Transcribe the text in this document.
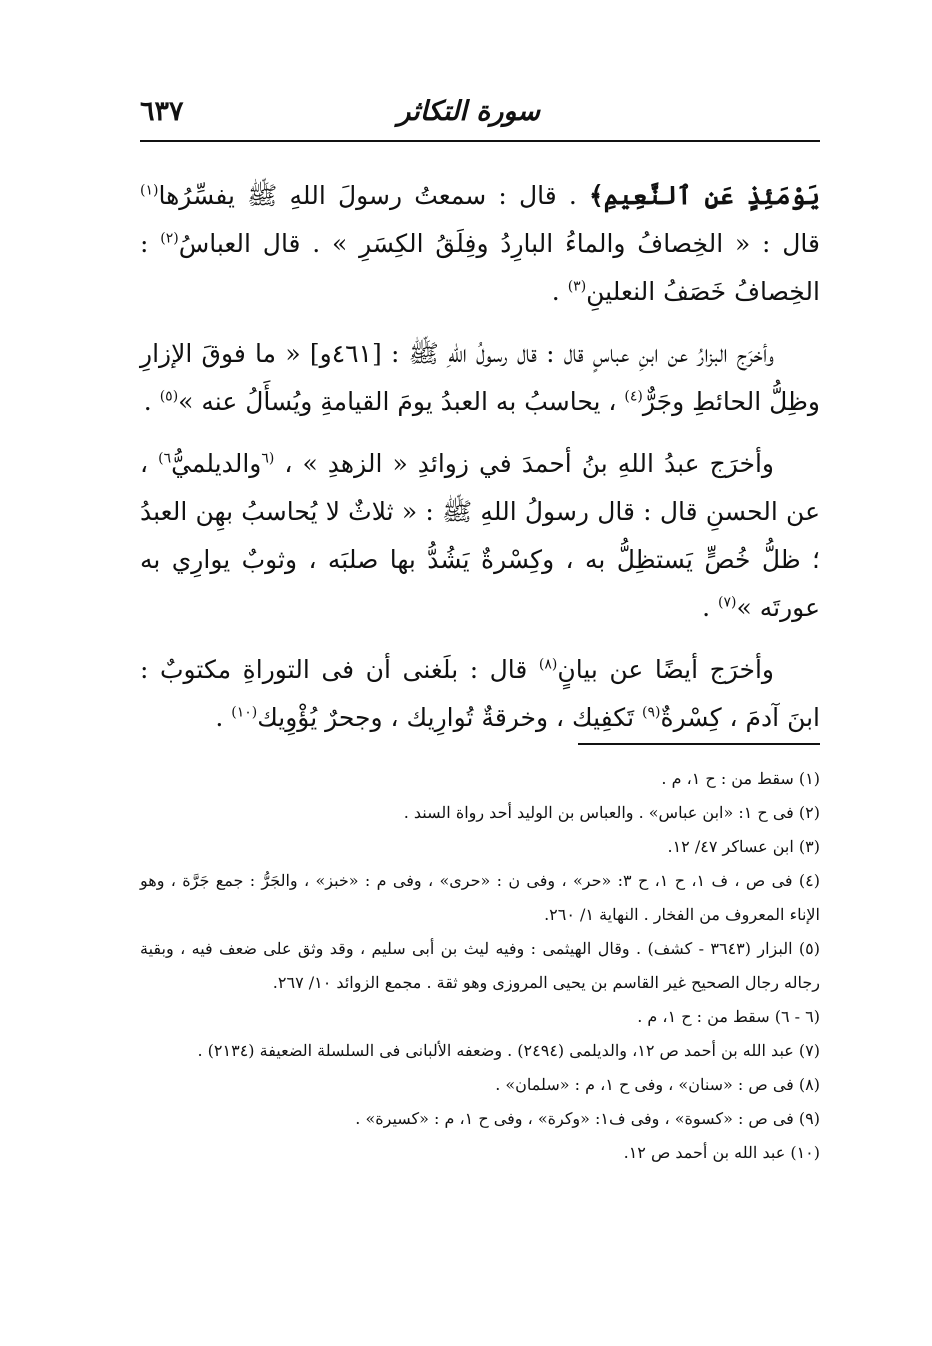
سورة التكاثر
٦٣٧

يَوْمَئِذٍ عَنِ ٱلنَّعِيمِ﴾ . قال : سمعتُ رسولَ اللهِ ﷺ يفسِّرُها$^{(١)}$ قال : « الخِصافُ والماءُ البارِدُ وفِلَقُ الكِسَرِ » . قال العباسُ$^{(٢)}$ : الخِصافُ خَصَفُ النعلينِ$^{(٣)}$ .

وأخرَج البزارُ عن ابنِ عباسٍ قال : قال رسولُ اللهِ ﷺ : [٤٦١و] « ما فوقَ الإزارِ وظِلُّ الحائطِ وجَرٌّ$^{(٤)}$ ، يحاسبُ به العبدُ يومَ القيامةِ ويُسأَلُ عنه »$^{(٥)}$ .

وأخرَج عبدُ اللهِ بنُ أحمدَ في زوائدِ « الزهدِ » ، $^{(٦}$والديلميُّ$^{٦)}$ ، عن الحسنِ قال : قال رسولُ اللهِ ﷺ : « ثلاثٌ لا يُحاسبُ بهِن العبدُ ؛ ظلُّ خُصٍّ يَستظِلُّ به ، وكِسْرةٌ يَشُدُّ بها صلبَه ، وثوبٌ يوارِي به عورتَه »$^{(٧)}$ .

وأخرَج أيضًا عن بيانٍ$^{(٨)}$ قال : بلَغنى أن فى التوراةِ مكتوبٌ : ابنَ آدمَ ، كِسْرةٌ$^{(٩)}$ تَكفِيك ، وخرقةٌ تُوارِيك ، وجحرٌ يُؤْوِيك$^{(١٠)}$ .

(١) سقط من : ح ١، م .

(٢) فى ح ١: «ابن عباس» . والعباس بن الوليد أحد رواة السند .

(٣) ابن عساكر ٤٧/ ١٢.

(٤) فى ص ، ف ١، ح ١، ح ٣: «حر» ، وفى ن : «حرى» ، وفى م : «خبز» ، والجَرُّ : جمع جَرَّة ، وهو الإناء المعروف من الفخار . النهاية ١/ ٢٦٠.

(٥) البزار (٣٦٤٣ - كشف) . وقال الهيثمى : وفيه ليث بن أبى سليم ، وقد وثق على ضعف فيه ، وبقية رجاله رجال الصحيح غير القاسم بن يحيى المروزى وهو ثقة . مجمع الزوائد ١٠/ ٢٦٧.

(٦ - ٦) سقط من : ح ١، م .

(٧) عبد الله بن أحمد ص ١٢، والديلمى (٢٤٩٤) . وضعفه الألبانى فى السلسلة الضعيفة (٢١٣٤) .

(٨) فى ص : «سنان» ، وفى ح ١، م : «سلمان» .

(٩) فى ص : «كسوة» ، وفى ف١: «وكرة» ، وفى ح ١، م : «كسيرة» .

(١٠) عبد الله بن أحمد ص ١٢.
